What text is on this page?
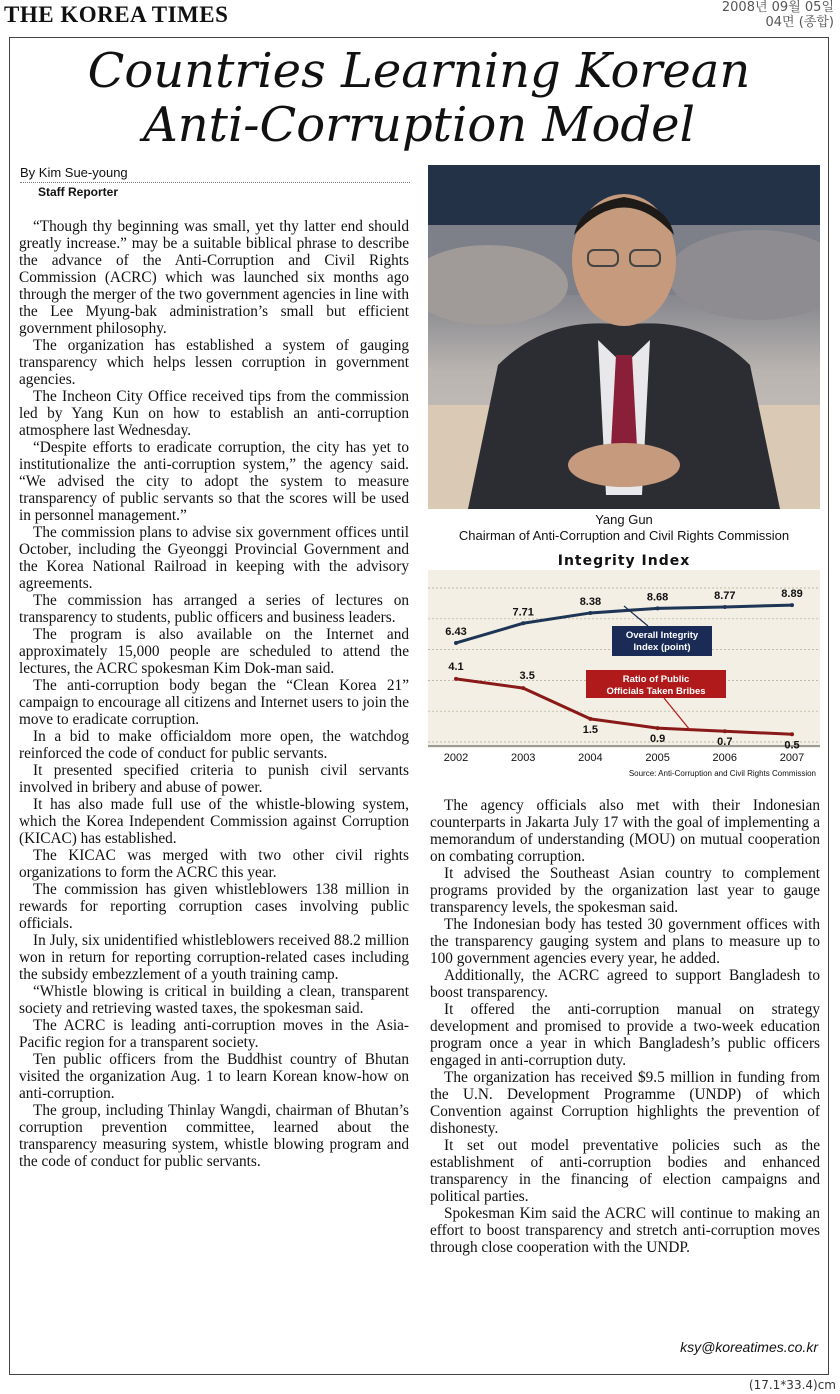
THE KOREA TIMES	2008년 09월 05일
04면 (종합)
Countries Learning Korean
Anti-Corruption Model
By Kim Sue-young
Staff Reporter

“Though thy beginning was small, yet thy latter end should greatly increase.” may be a suitable biblical phrase to describe the advance of the Anti-Corruption and Civil Rights Commission (ACRC) which was launched six months ago through the merger of the two government agencies in line with the Lee Myung-bak administration’s small but efficient government philosophy.

The organization has established a system of gauging transparency which helps lessen corruption in government agencies.

The Incheon City Office received tips from the commission led by Yang Kun on how to establish an anti-corruption atmosphere last Wednesday.

“Despite efforts to eradicate corruption, the city has yet to institutionalize the anti-corruption system,” the agency said. “We advised the city to adopt the system to measure transparency of public servants so that the scores will be used in personnel management.”

The commission plans to advise six government offices until October, including the Gyeonggi Provincial Government and the Korea National Railroad in keeping with the advisory agreements.

The commission has arranged a series of lectures on transparency to students, public officers and business leaders.

The program is also available on the Internet and approximately 15,000 people are scheduled to attend the lectures, the ACRC spokesman Kim Dok-man said.

The anti-corruption body began the “Clean Korea 21” campaign to encourage all citizens and Internet users to join the move to eradicate corruption.

In a bid to make officialdom more open, the watchdog reinforced the code of conduct for public servants.

It presented specified criteria to punish civil servants involved in bribery and abuse of power.

It has also made full use of the whistle-blowing system, which the Korea Independent Commission against Corruption (KICAC) has established.

The KICAC was merged with two other civil rights organizations to form the ACRC this year.

The commission has given whistleblowers 138 million in rewards for reporting corruption cases involving public officials.

In July, six unidentified whistleblowers received 88.2 million won in return for reporting corruption-related cases including the subsidy embezzlement of a youth training camp.

“Whistle blowing is critical in building a clean, transparent society and retrieving wasted taxes, the spokesman said.

The ACRC is leading anti-corruption moves in the Asia-Pacific region for a transparent society.

Ten public officers from the Buddhist country of Bhutan visited the organization Aug. 1 to learn Korean know-how on anti-corruption.

The group, including Thinlay Wangdi, chairman of Bhutan’s corruption prevention committee, learned about the transparency measuring system, whistle blowing program and the code of conduct for public servants.

Yang Gun
Chairman of Anti-Corruption and Civil Rights Commission
Integrity Index
6.43
7.71
8.38	8.68	8.77	8.89
4.1
3.5
1.5
0.9	0.7	0.5
2002	2003	2004	2005	2006	2007
Overall Integrity
Index (point)
Ratio of Public
Officials Taken Bribes
Source: Anti-Corruption and Civil Rights Commission

The agency officials also met with their Indonesian counterparts in Jakarta July 17 with the goal of implementing a memorandum of understanding (MOU) on mutual cooperation on combating corruption.

It advised the Southeast Asian country to complement programs provided by the organization last year to gauge transparency levels, the spokesman said.

The Indonesian body has tested 30 government offices with the transparency gauging system and plans to measure up to 100 government agencies every year, he added.

Additionally, the ACRC agreed to support Bangladesh to boost transparency.

It offered the anti-corruption manual on strategy development and promised to provide a two-week education program once a year in which Bangladesh’s public officers engaged in anti-corruption duty.

The organization has received $9.5 million in funding from the U.N. Development Programme (UNDP) of which Convention against Corruption highlights the prevention of dishonesty.

It set out model preventative policies such as the establishment of anti-corruption bodies and enhanced transparency in the financing of election campaigns and political parties.

Spokesman Kim said the ACRC will continue to making an effort to boost transparency and stretch anti-corruption moves through close cooperation with the UNDP.

ksy@koreatimes.co.kr
(17.1*33.4)cm
